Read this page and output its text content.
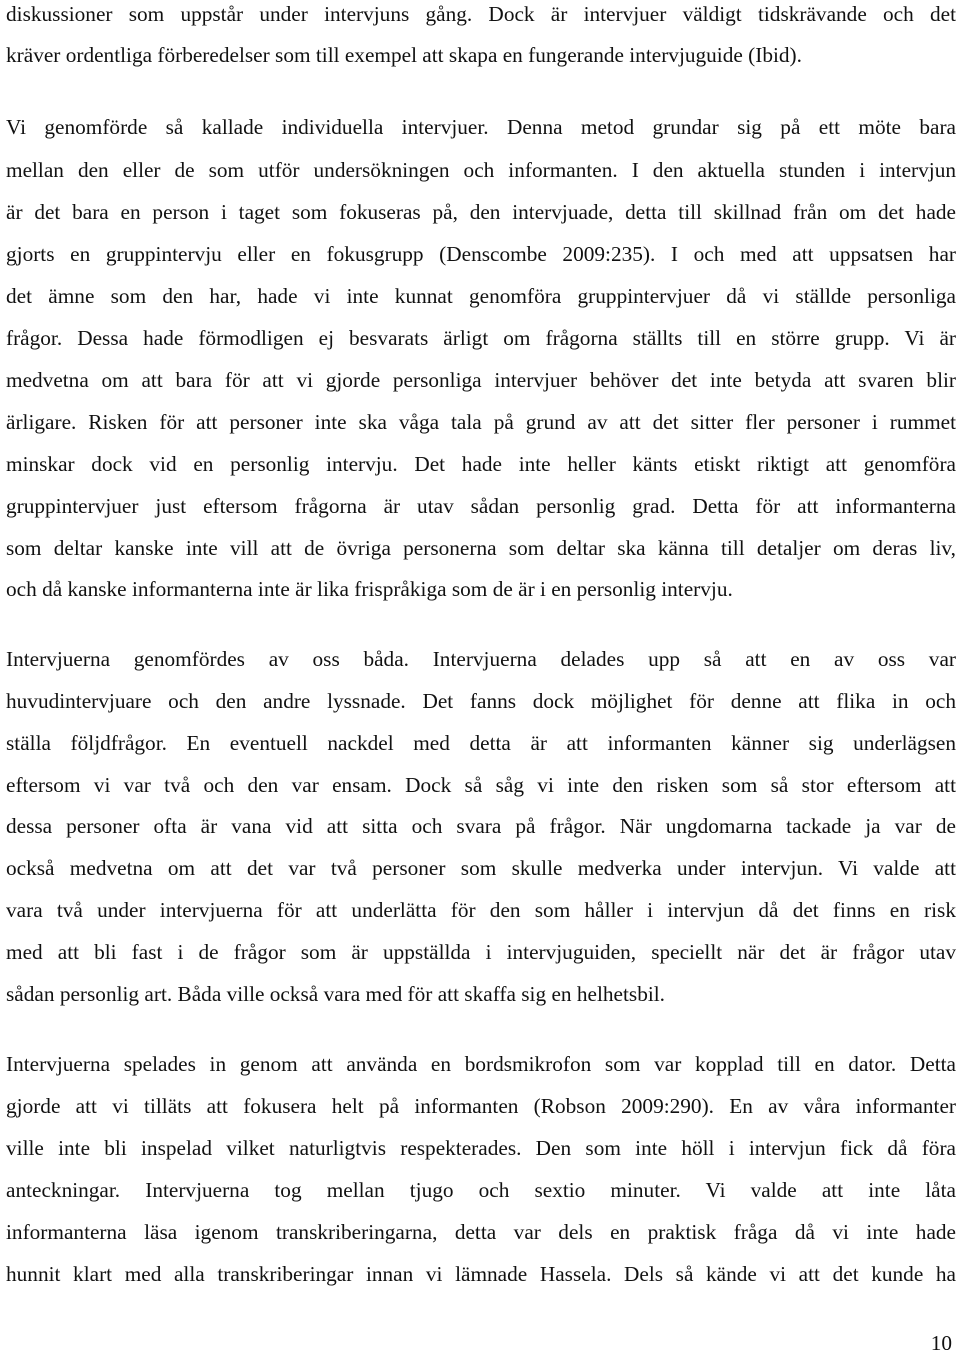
diskussioner som uppstår under intervjuns gång. Dock är intervjuer väldigt tidskrävande och det
kräver ordentliga förberedelser som till exempel att skapa en fungerande intervjuguide (Ibid).
Vi genomförde så kallade individuella intervjuer. Denna metod grundar sig på ett möte bara
mellan den eller de som utför undersökningen och informanten. I den aktuella stunden i intervjun
är det bara en person i taget som fokuseras på, den intervjuade, detta till skillnad från om det hade
gjorts en gruppintervju eller en fokusgrupp (Denscombe 2009:235). I och med att uppsatsen har
det ämne som den har, hade vi inte kunnat genomföra gruppintervjuer då vi ställde personliga
frågor. Dessa hade förmodligen ej besvarats ärligt om frågorna ställts till en större grupp. Vi är
medvetna om att bara för att vi gjorde personliga intervjuer behöver det inte betyda att svaren blir
ärligare. Risken för att personer inte ska våga tala på grund av att det sitter fler personer i rummet
minskar dock vid en personlig intervju. Det hade inte heller känts etiskt riktigt att genomföra
gruppintervjuer just eftersom frågorna är utav sådan personlig grad. Detta för att informanterna
som deltar kanske inte vill att de övriga personerna som deltar ska känna till detaljer om deras liv,
och då kanske informanterna inte är lika frispråkiga som de är i en personlig intervju.
Intervjuerna genomfördes av oss båda. Intervjuerna delades upp så att en av oss var
huvudintervjuare och den andre lyssnade. Det fanns dock möjlighet för denne att flika in och
ställa följdfrågor. En eventuell nackdel med detta är att informanten känner sig underlägsen
eftersom vi var två och den var ensam. Dock så såg vi inte den risken som så stor eftersom att
dessa personer ofta är vana vid att sitta och svara på frågor. När ungdomarna tackade ja var de
också medvetna om att det var två personer som skulle medverka under intervjun. Vi valde att
vara två under intervjuerna för att underlätta för den som håller i intervjun då det finns en risk
med att bli fast i de frågor som är uppställda i intervjuguiden, speciellt när det är frågor utav
sådan personlig art. Båda ville också vara med för att skaffa sig en helhetsbil.
Intervjuerna spelades in genom att använda en bordsmikrofon som var kopplad till en dator. Detta
gjorde att vi tilläts att fokusera helt på informanten (Robson 2009:290). En av våra informanter
ville inte bli inspelad vilket naturligtvis respekterades. Den som inte höll i intervjun fick då föra
anteckningar. Intervjuerna tog mellan tjugo och sextio minuter. Vi valde att inte låta
informanterna läsa igenom transkriberingarna, detta var dels en praktisk fråga då vi inte hade
hunnit klart med alla transkriberingar innan vi lämnade Hassela. Dels så kände vi att det kunde ha
10
